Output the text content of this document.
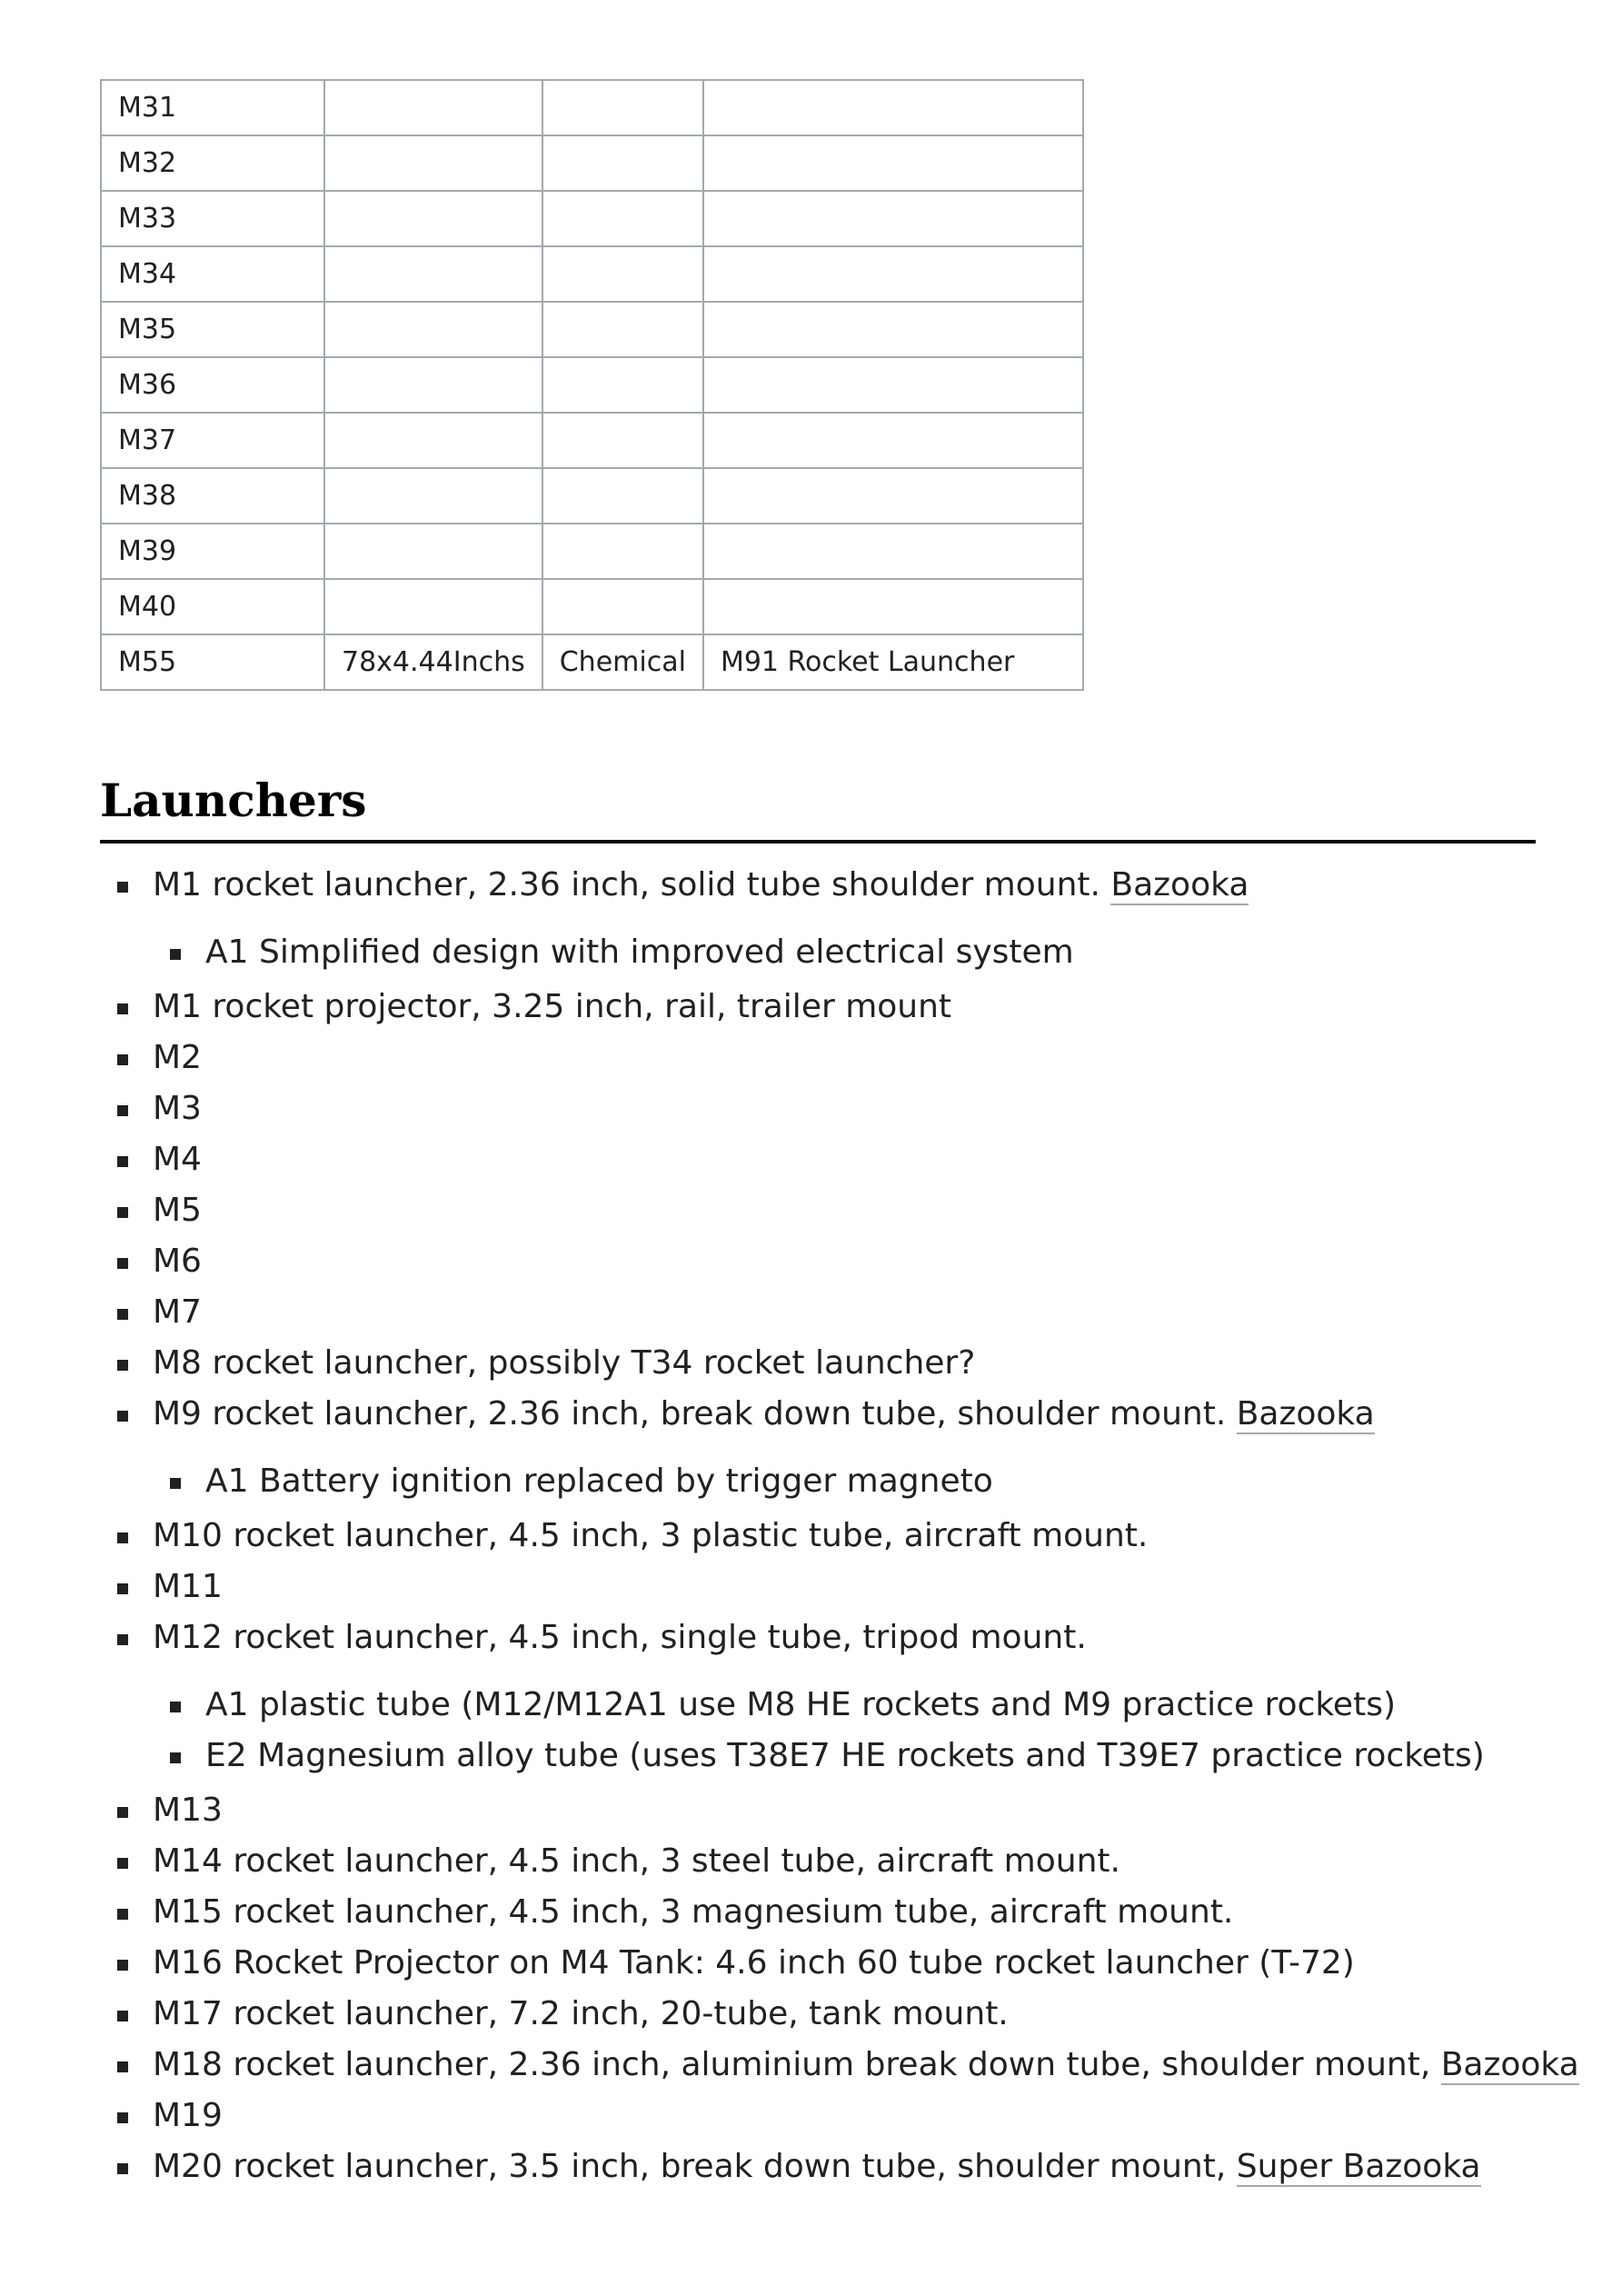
M31			
M32			
M33			
M34			
M35			
M36			
M37			
M38			
M39			
M40			
M55	78x4.44Inchs	Chemical	M91 Rocket Launcher
Launchers
M1 rocket launcher, 2.36 inch, solid tube shoulder mount. Bazooka
A1 Simplified design with improved electrical system
M1 rocket projector, 3.25 inch, rail, trailer mount
M2
M3
M4
M5
M6
M7
M8 rocket launcher, possibly T34 rocket launcher?
M9 rocket launcher, 2.36 inch, break down tube, shoulder mount. Bazooka
A1 Battery ignition replaced by trigger magneto
M10 rocket launcher, 4.5 inch, 3 plastic tube, aircraft mount.
M11
M12 rocket launcher, 4.5 inch, single tube, tripod mount.
A1 plastic tube (M12/M12A1 use M8 HE rockets and M9 practice rockets)
E2 Magnesium alloy tube (uses T38E7 HE rockets and T39E7 practice rockets)
M13
M14 rocket launcher, 4.5 inch, 3 steel tube, aircraft mount.
M15 rocket launcher, 4.5 inch, 3 magnesium tube, aircraft mount.
M16 Rocket Projector on M4 Tank: 4.6 inch 60 tube rocket launcher (T-72)
M17 rocket launcher, 7.2 inch, 20-tube, tank mount.
M18 rocket launcher, 2.36 inch, aluminium break down tube, shoulder mount, Bazooka
M19
M20 rocket launcher, 3.5 inch, break down tube, shoulder mount, Super Bazooka
